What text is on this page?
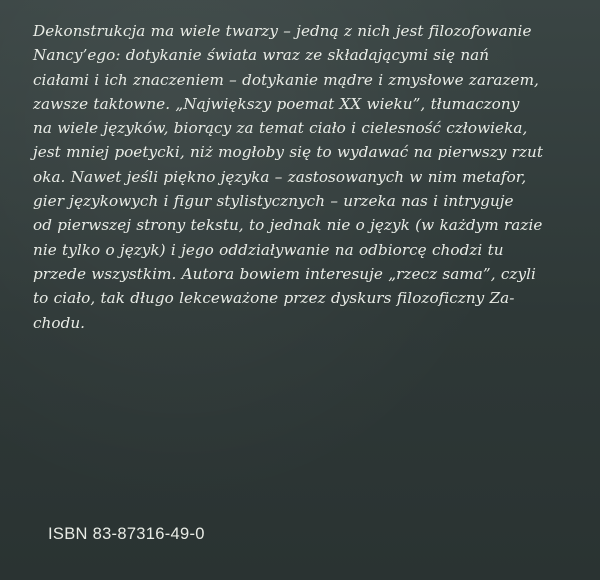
Dekonstrukcja ma wiele twarzy – jedną z nich jest filozofowanie
Nancy’ego: dotykanie świata wraz ze składającymi się nań
ciałami i ich znaczeniem – dotykanie mądre i zmysłowe zarazem,
zawsze taktowne. „Największy poemat XX wieku”, tłumaczony
na wiele języków, biorący za temat ciało i cielesność człowieka,
jest mniej poetycki, niż mogłoby się to wydawać na pierwszy rzut
oka. Nawet jeśli piękno języka – zastosowanych w nim metafor,
gier językowych i figur stylistycznych – urzeka nas i intryguje
od pierwszej strony tekstu, to jednak nie o język (w każdym razie
nie tylko o język) i jego oddziaływanie na odbiorcę chodzi tu
przede wszystkim. Autora bowiem interesuje „rzecz sama”, czyli
to ciało, tak długo lekceważone przez dyskurs filozoficzny Za-
chodu.

ISBN 83-87316-49-0
